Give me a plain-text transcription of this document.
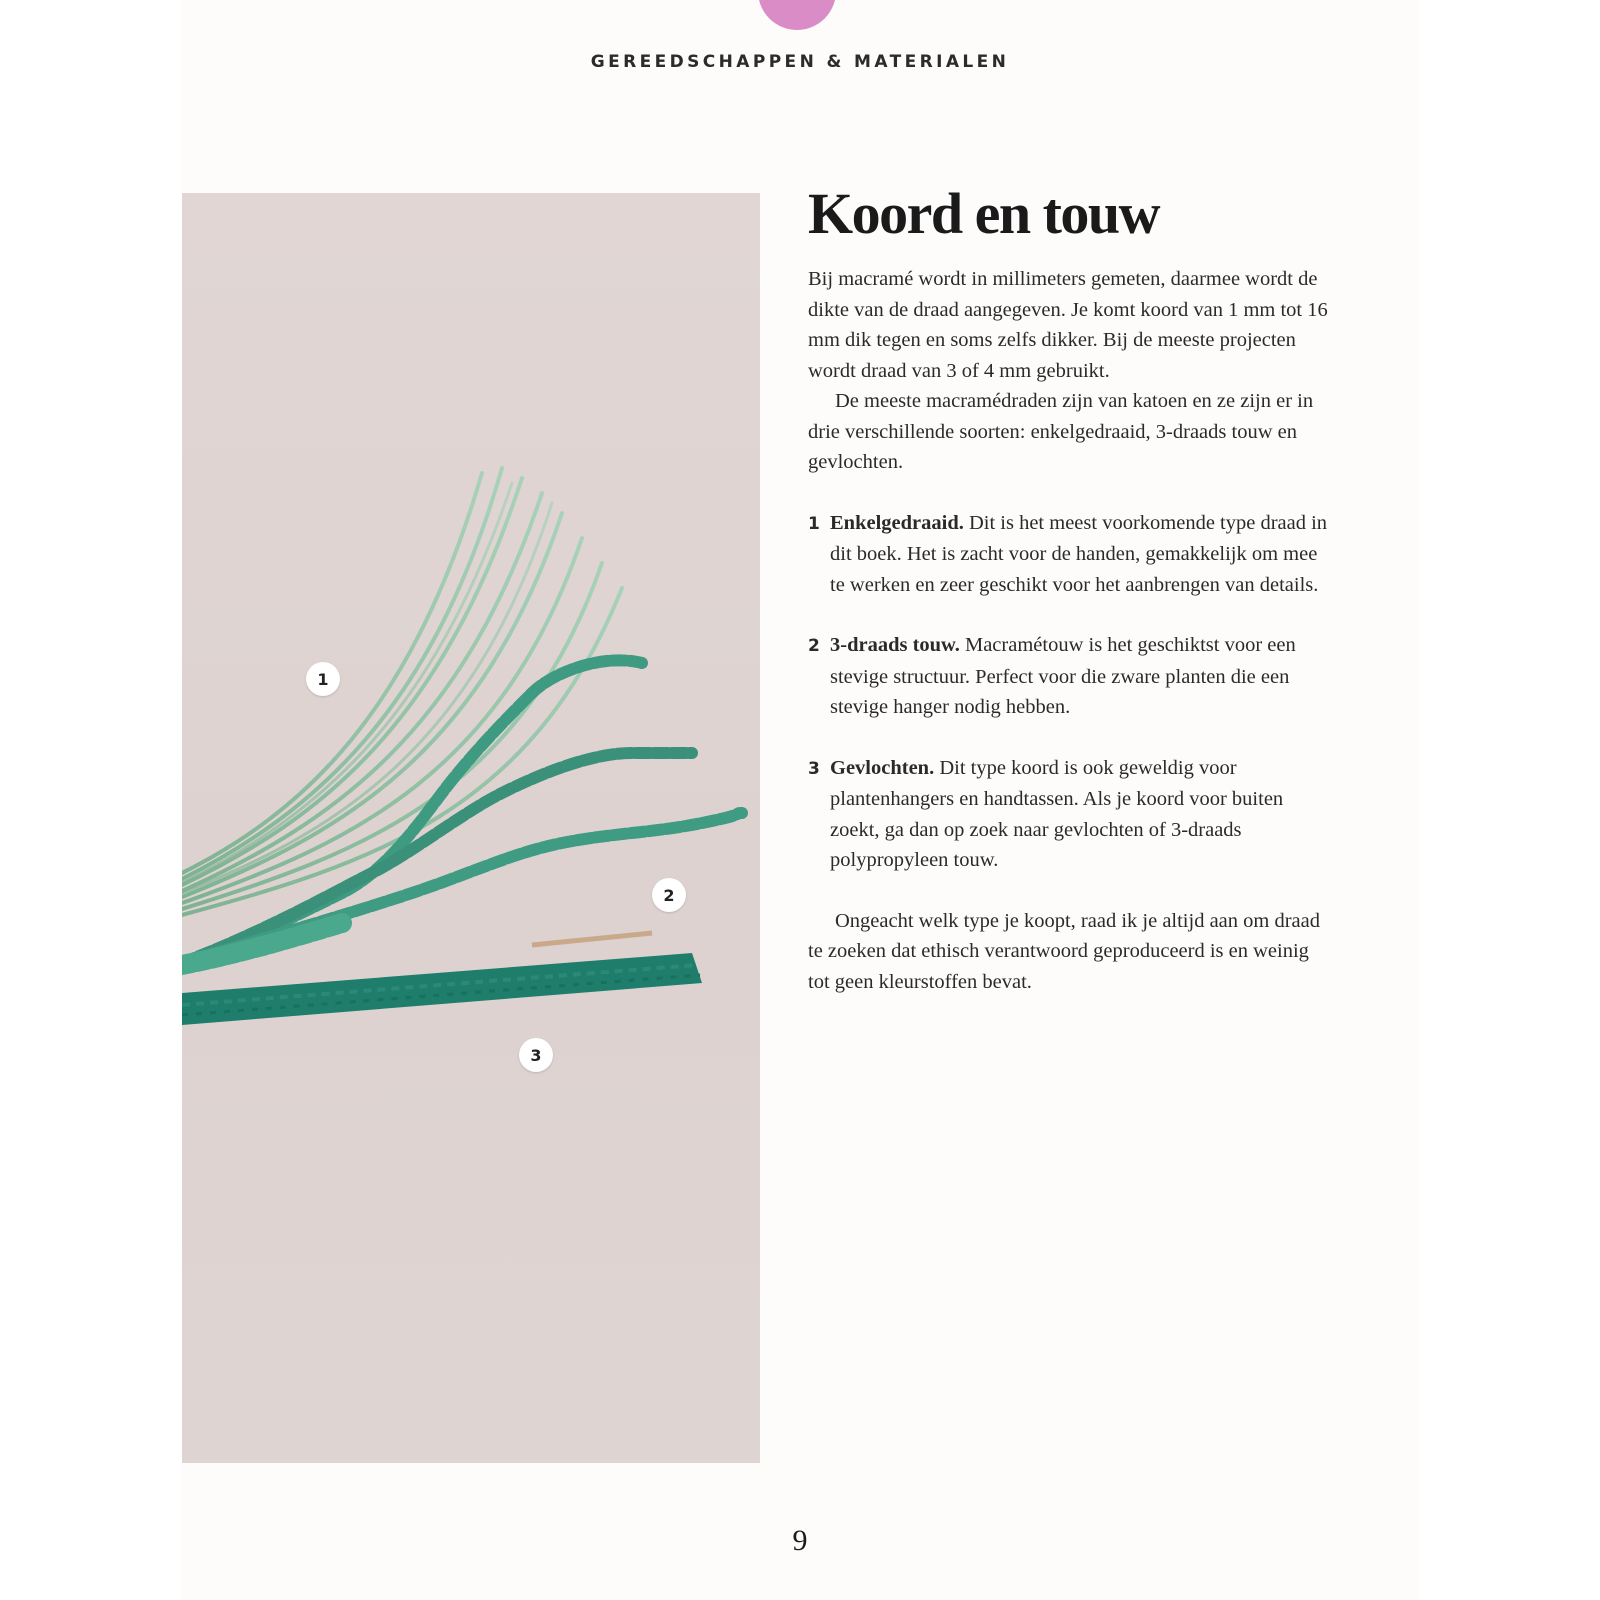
GEREEDSCHAPPEN & MATERIALEN
1
2
3
Koord en touw

Bij macramé wordt in millimeters gemeten, daarmee wordt de dikte van de draad aangegeven. Je komt koord van 1 mm tot 16 mm dik tegen en soms zelfs dikker. Bij de meeste projecten wordt draad van 3 of 4 mm gebruikt.

De meeste macramédraden zijn van katoen en ze zijn er in drie verschillende soorten: enkelgedraaid, 3-draads touw en gevlochten.

1 Enkelgedraaid. Dit is het meest voorkomende type draad in dit boek. Het is zacht voor de handen, gemakkelijk om mee te werken en zeer geschikt voor het aanbrengen van details.

2 3-draads touw. Macramétouw is het geschiktst voor een stevige structuur. Perfect voor die zware planten die een stevige hanger nodig hebben.

3 Gevlochten. Dit type koord is ook geweldig voor plantenhangers en handtassen. Als je koord voor buiten zoekt, ga dan op zoek naar gevlochten of 3-draads polypropyleen touw.

Ongeacht welk type je koopt, raad ik je altijd aan om draad te zoeken dat ethisch verantwoord geproduceerd is en weinig tot geen kleurstoffen bevat.

9
